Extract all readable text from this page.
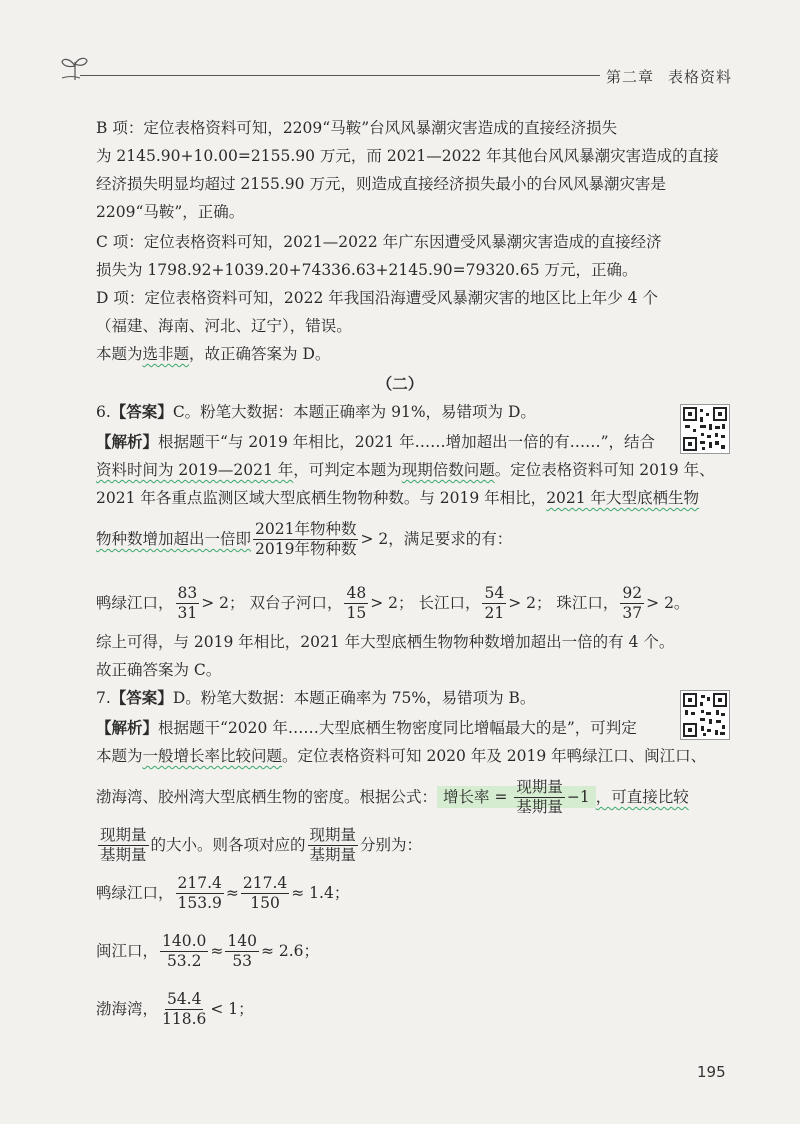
第二章 表格资料
B 项：定位表格资料可知，2209“马鞍”台风风暴潮灾害造成的直接经济损失
为 2145.90+10.00=2155.90 万元，而 2021—2022 年其他台风风暴潮灾害造成的直接
经济损失明显均超过 2155.90 万元，则造成直接经济损失最小的台风风暴潮灾害是
2209“马鞍”，正确。
C 项：定位表格资料可知，2021—2022 年广东因遭受风暴潮灾害造成的直接经济
损失为 1798.92+1039.20+74336.63+2145.90=79320.65 万元，正确。
D 项：定位表格资料可知，2022 年我国沿海遭受风暴潮灾害的地区比上年少 4 个
（福建、海南、河北、辽宁），错误。
本题为选非题，故正确答案为 D。
（二）
6.【答案】C。粉笔大数据：本题正确率为 91%，易错项为 D。
【解析】根据题干“与 2019 年相比，2021 年……增加超出一倍的有……”，结合
资料时间为 2019—2021 年，可判定本题为现期倍数问题。定位表格资料可知 2019 年、
2021 年各重点监测区域大型底栖生物物种数。与 2019 年相比，2021 年大型底栖生物
物种数增加超出一倍即 $\frac{\text{2021年物种数}}{\text{2019年物种数}} > 2$，满足要求的有：
鸭绿江口， $\frac{83}{31} > 2$； 双台子河口， $\frac{48}{15} > 2$； 长江口， $\frac{54}{21} > 2$； 珠江口， $\frac{92}{37} > 2$。
综上可得，与 2019 年相比，2021 年大型底栖生物物种数增加超出一倍的有 4 个。
故正确答案为 C。
7.【答案】D。粉笔大数据：本题正确率为 75%，易错项为 B。
【解析】根据题干“2020 年……大型底栖生物密度同比增幅最大的是”，可判定
本题为一般增长率比较问题。定位表格资料可知 2020 年及 2019 年鸭绿江口、闽江口、
渤海湾、胶州湾大型底栖生物的密度。根据公式： 增长率 = $\frac{\text{现期量}}{\text{基期量}} -1$ ，可直接比较
$\frac{\text{现期量}}{\text{基期量}}$ 的大小。则各项对应的 $\frac{\text{现期量}}{\text{基期量}}$ 分别为：
鸭绿江口， $\frac{217.4}{153.9} \approx \frac{217.4}{150} \approx 1.4$；
闽江口， $\frac{140.0}{53.2} \approx \frac{140}{53} \approx 2.6$；
渤海湾， $\frac{54.4}{118.6} < 1$；
195
